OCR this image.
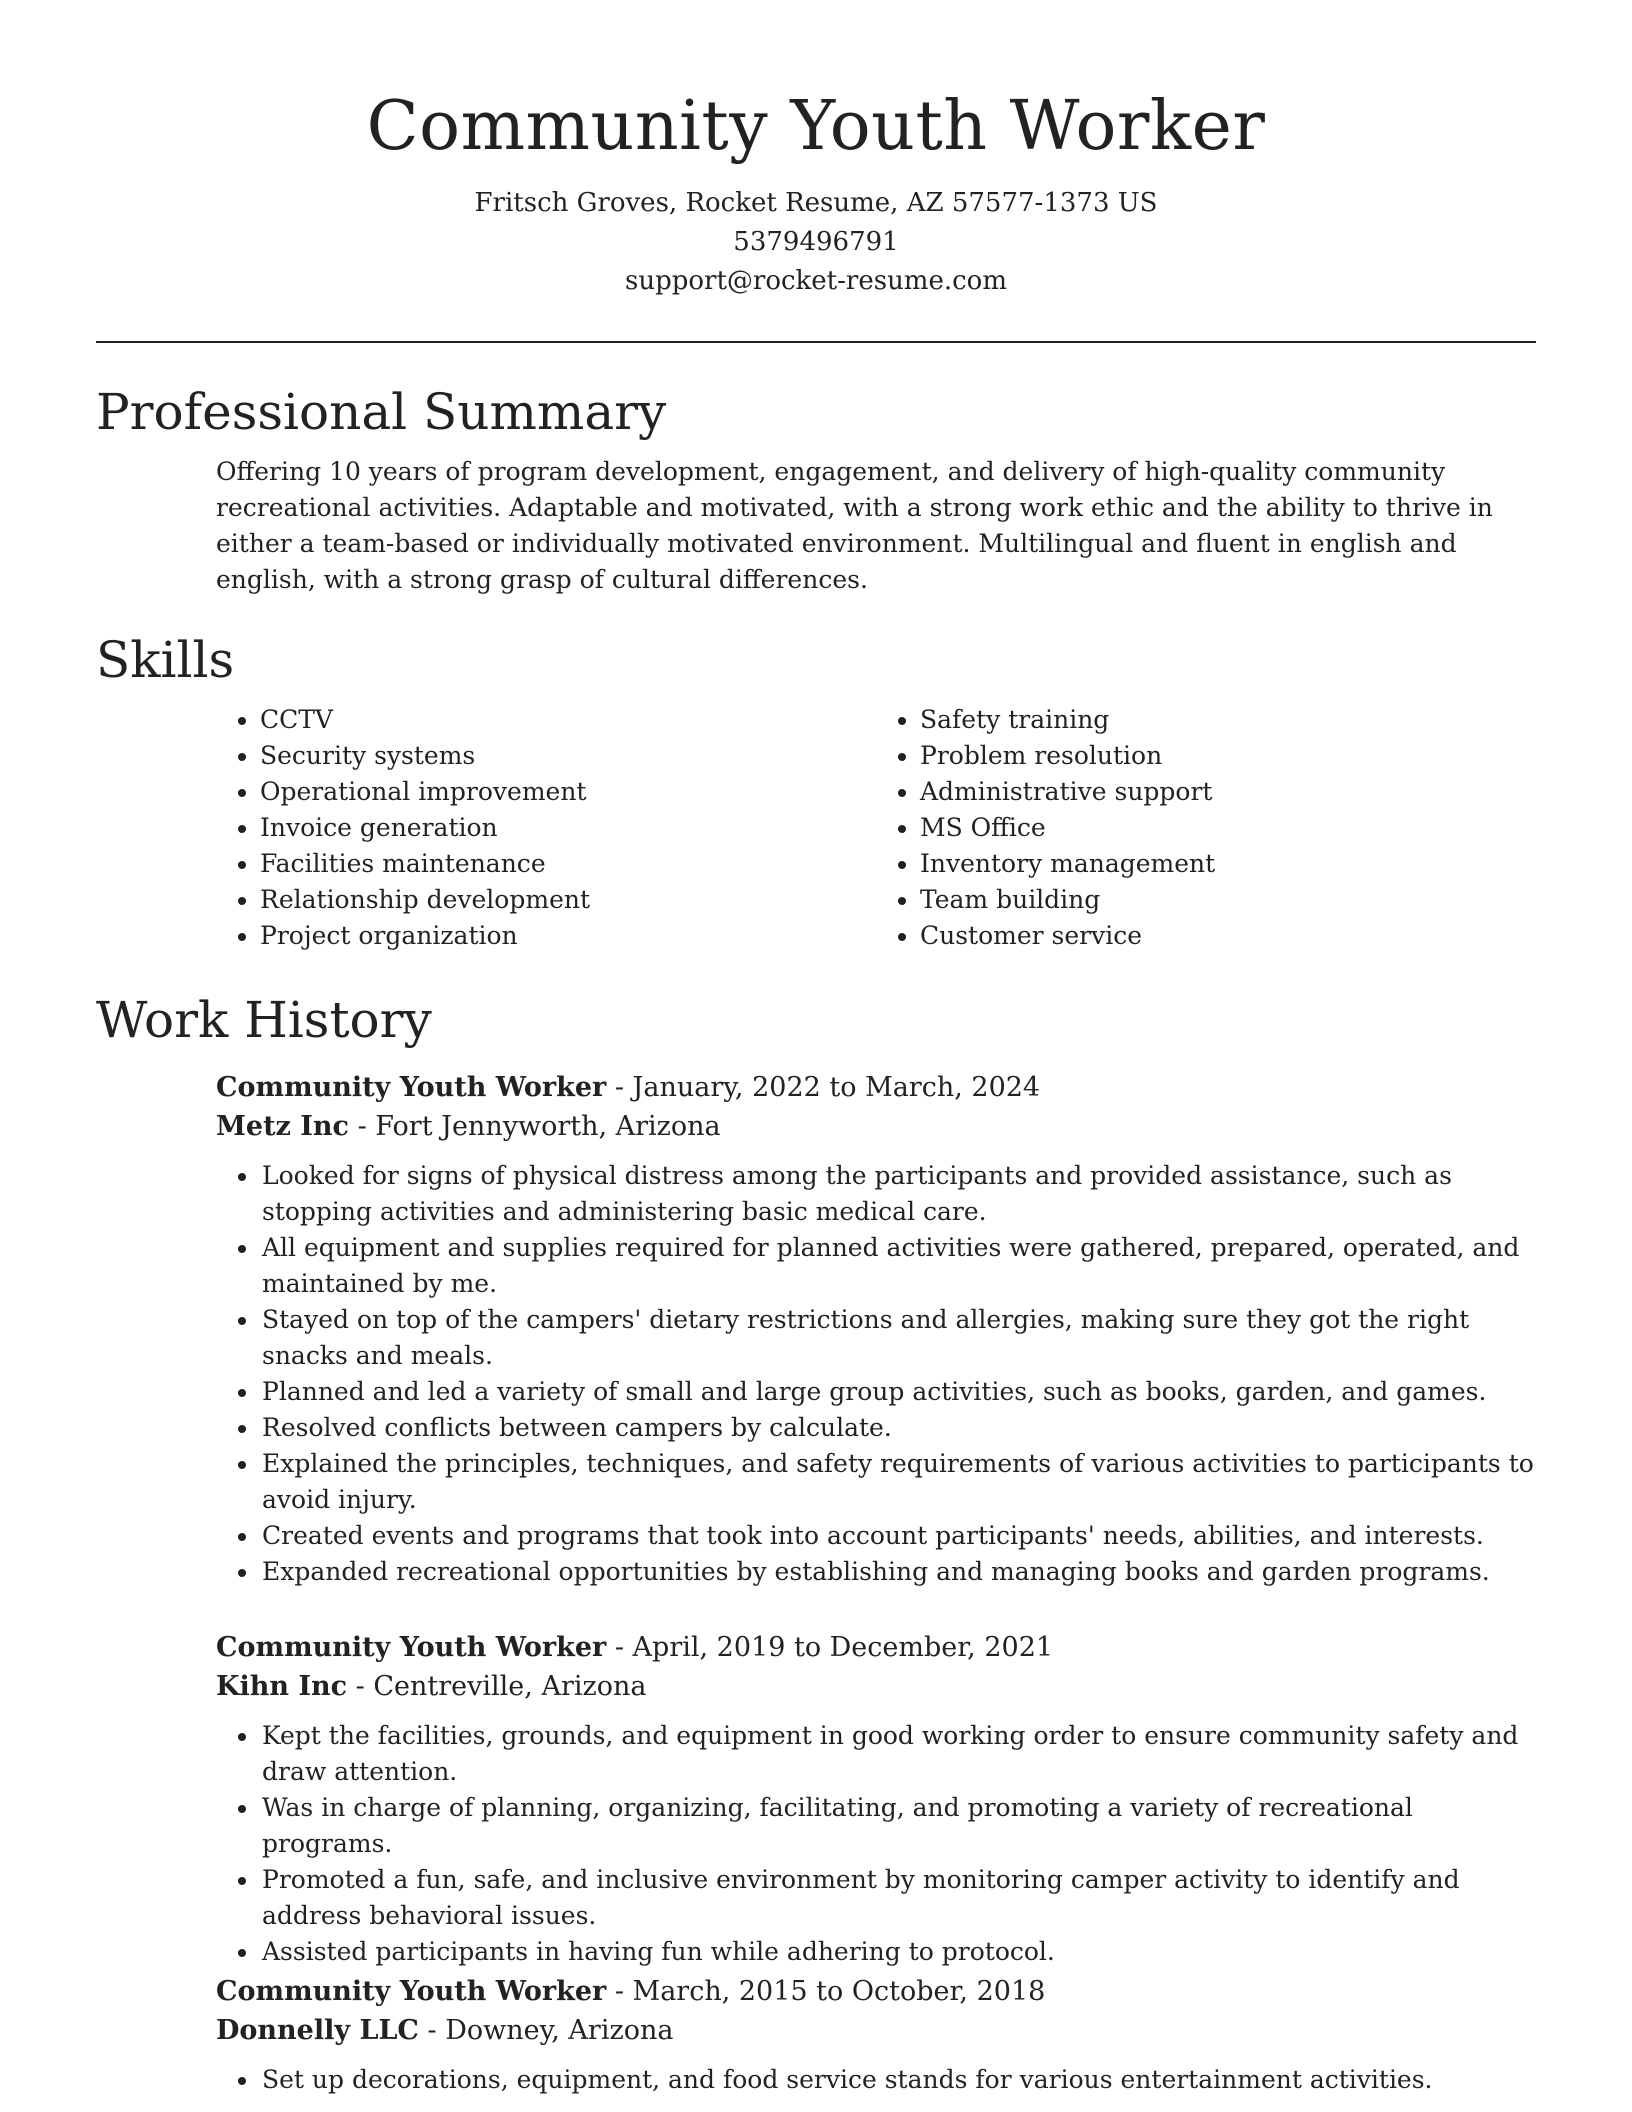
Community Youth Worker
Fritsch Groves, Rocket Resume, AZ 57577-1373 US
5379496791
support@rocket-resume.com
Professional Summary

Offering 10 years of program development, engagement, and delivery of high-quality community recreational activities. Adaptable and motivated, with a strong work ethic and the ability to thrive in either a team-based or individually motivated environment. Multilingual and fluent in english and english, with a strong grasp of cultural differences.

Skills
• CCTV
• Security systems
• Operational improvement
• Invoice generation
• Facilities maintenance
• Relationship development
• Project organization
• Safety training
• Problem resolution
• Administrative support
• MS Office
• Inventory management
• Team building
• Customer service
Work History
Community Youth Worker - January, 2022 to March, 2024
Metz Inc - Fort Jennyworth, Arizona
• Looked for signs of physical distress among the participants and provided assistance, such as stopping activities and administering basic medical care.
• All equipment and supplies required for planned activities were gathered, prepared, operated, and maintained by me.
• Stayed on top of the campers' dietary restrictions and allergies, making sure they got the right snacks and meals.
• Planned and led a variety of small and large group activities, such as books, garden, and games.
• Resolved conflicts between campers by calculate.
• Explained the principles, techniques, and safety requirements of various activities to participants to avoid injury.
• Created events and programs that took into account participants' needs, abilities, and interests.
• Expanded recreational opportunities by establishing and managing books and garden programs.
Community Youth Worker - April, 2019 to December, 2021
Kihn Inc - Centreville, Arizona
• Kept the facilities, grounds, and equipment in good working order to ensure community safety and draw attention.
• Was in charge of planning, organizing, facilitating, and promoting a variety of recreational programs.
• Promoted a fun, safe, and inclusive environment by monitoring camper activity to identify and address behavioral issues.
• Assisted participants in having fun while adhering to protocol.
Community Youth Worker - March, 2015 to October, 2018
Donnelly LLC - Downey, Arizona
• Set up decorations, equipment, and food service stands for various entertainment activities.
